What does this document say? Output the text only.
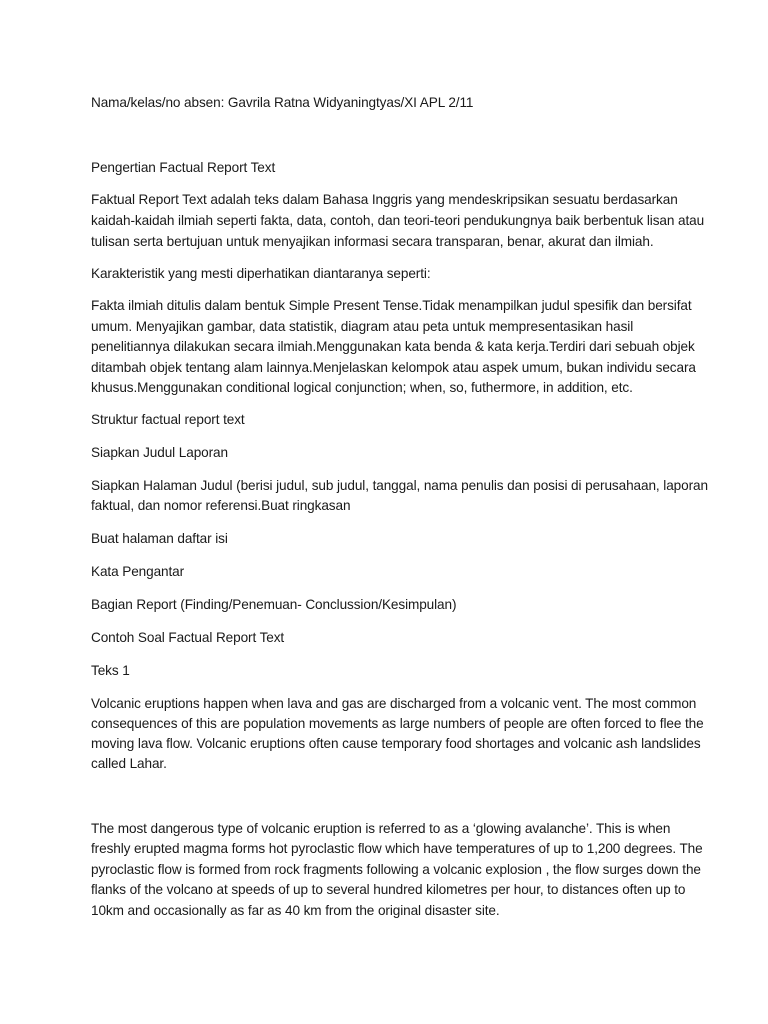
Nama/kelas/no absen: Gavrila Ratna Widyaningtyas/XI APL 2/11

Pengertian Factual Report Text

Faktual Report Text adalah teks dalam Bahasa Inggris yang mendeskripsikan sesuatu berdasarkan

kaidah-kaidah ilmiah seperti fakta, data, contoh, dan teori-teori pendukungnya baik berbentuk lisan atau

tulisan serta bertujuan untuk menyajikan informasi secara transparan, benar, akurat dan ilmiah.

Karakteristik yang mesti diperhatikan diantaranya seperti:

Fakta ilmiah ditulis dalam bentuk Simple Present Tense.Tidak menampilkan judul spesifik dan bersifat

umum. Menyajikan gambar, data statistik, diagram atau peta untuk mempresentasikan hasil

penelitiannya dilakukan secara ilmiah.Menggunakan kata benda & kata kerja.Terdiri dari sebuah objek

ditambah objek tentang alam lainnya.Menjelaskan kelompok atau aspek umum, bukan individu secara

khusus.Menggunakan conditional logical conjunction; when, so, futhermore, in addition, etc.

Struktur factual report text

Siapkan Judul Laporan

Siapkan Halaman Judul (berisi judul, sub judul, tanggal, nama penulis dan posisi di perusahaan, laporan

faktual, dan nomor referensi.Buat ringkasan

Buat halaman daftar isi

Kata Pengantar

Bagian Report (Finding/Penemuan- Conclussion/Kesimpulan)

Contoh Soal Factual Report Text

Teks 1

Volcanic eruptions happen when lava and gas are discharged from a volcanic vent. The most common

consequences of this are population movements as large numbers of people are often forced to flee the

moving lava flow. Volcanic eruptions often cause temporary food shortages and volcanic ash landslides

called Lahar.

The most dangerous type of volcanic eruption is referred to as a ‘glowing avalanche’. This is when

freshly erupted magma forms hot pyroclastic flow which have temperatures of up to 1,200 degrees. The

pyroclastic flow is formed from rock fragments following a volcanic explosion , the flow surges down the

flanks of the volcano at speeds of up to several hundred kilometres per hour, to distances often up to

10km and occasionally as far as 40 km from the original disaster site.
